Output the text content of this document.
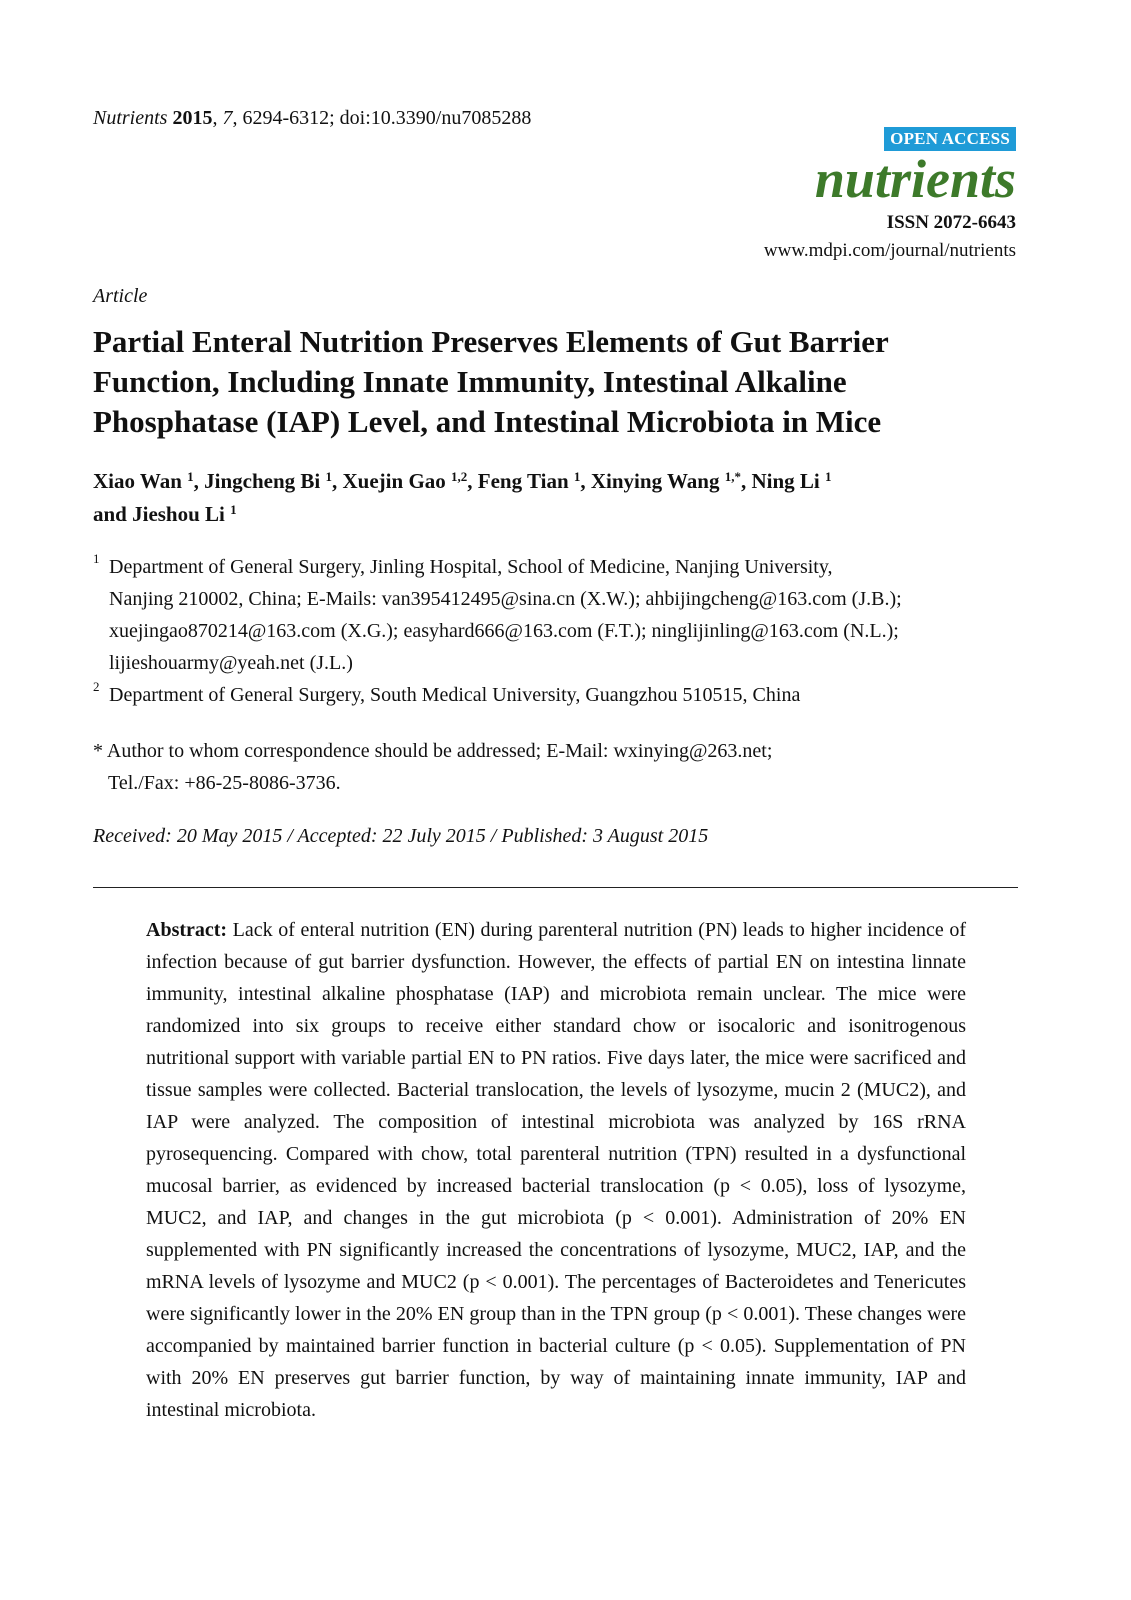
Nutrients 2015, 7, 6294-6312; doi:10.3390/nu7085288
OPEN ACCESS
nutrients
ISSN 2072-6643
www.mdpi.com/journal/nutrients
Article
Partial Enteral Nutrition Preserves Elements of Gut Barrier
Function, Including Innate Immunity, Intestinal Alkaline
Phosphatase (IAP) Level, and Intestinal Microbiota in Mice
Xiao Wan $^1$, Jingcheng Bi $^1$, Xuejin Gao $^{1,2}$, Feng Tian $^1$, Xinying Wang $^{1,*}$, Ning Li $^1$
and Jieshou Li $^1$
1 Department of General Surgery, Jinling Hospital, School of Medicine, Nanjing University,
Nanjing 210002, China; E-Mails: van395412495@sina.cn (X.W.); ahbijingcheng@163.com (J.B.);
xuejingao870214@163.com (X.G.); easyhard666@163.com (F.T.); ninglijinling@163.com (N.L.);
lijieshouarmy@yeah.net (J.L.)
2 Department of General Surgery, South Medical University, Guangzhou 510515, China
* Author to whom correspondence should be addressed; E-Mail: wxinying@263.net;
Tel./Fax: +86-25-8086-3736.
Received: 20 May 2015 / Accepted: 22 July 2015 / Published: 3 August 2015

Abstract: Lack of enteral nutrition (EN) during parenteral nutrition (PN) leads to higher incidence of infection because of gut barrier dysfunction. However, the effects of partial EN on intestina linnate immunity, intestinal alkaline phosphatase (IAP) and microbiota remain unclear. The mice were randomized into six groups to receive either standard chow or isocaloric and isonitrogenous nutritional support with variable partial EN to PN ratios. Five days later, the mice were sacrificed and tissue samples were collected. Bacterial translocation, the levels of lysozyme, mucin 2 (MUC2), and IAP were analyzed. The composition of intestinal microbiota was analyzed by 16S rRNA pyrosequencing. Compared with chow, total parenteral nutrition (TPN) resulted in a dysfunctional mucosal barrier, as evidenced by increased bacterial translocation (p < 0.05), loss of lysozyme, MUC2, and IAP, and changes in the gut microbiota (p < 0.001). Administration of 20% EN supplemented with PN significantly increased the concentrations of lysozyme, MUC2, IAP, and the mRNA levels of lysozyme and MUC2 (p < 0.001). The percentages of Bacteroidetes and Tenericutes were significantly lower in the 20% EN group than in the TPN group (p < 0.001). These changes were accompanied by maintained barrier function in bacterial culture (p < 0.05). Supplementation of PN with 20% EN preserves gut barrier function, by way of maintaining innate immunity, IAP and intestinal microbiota.
